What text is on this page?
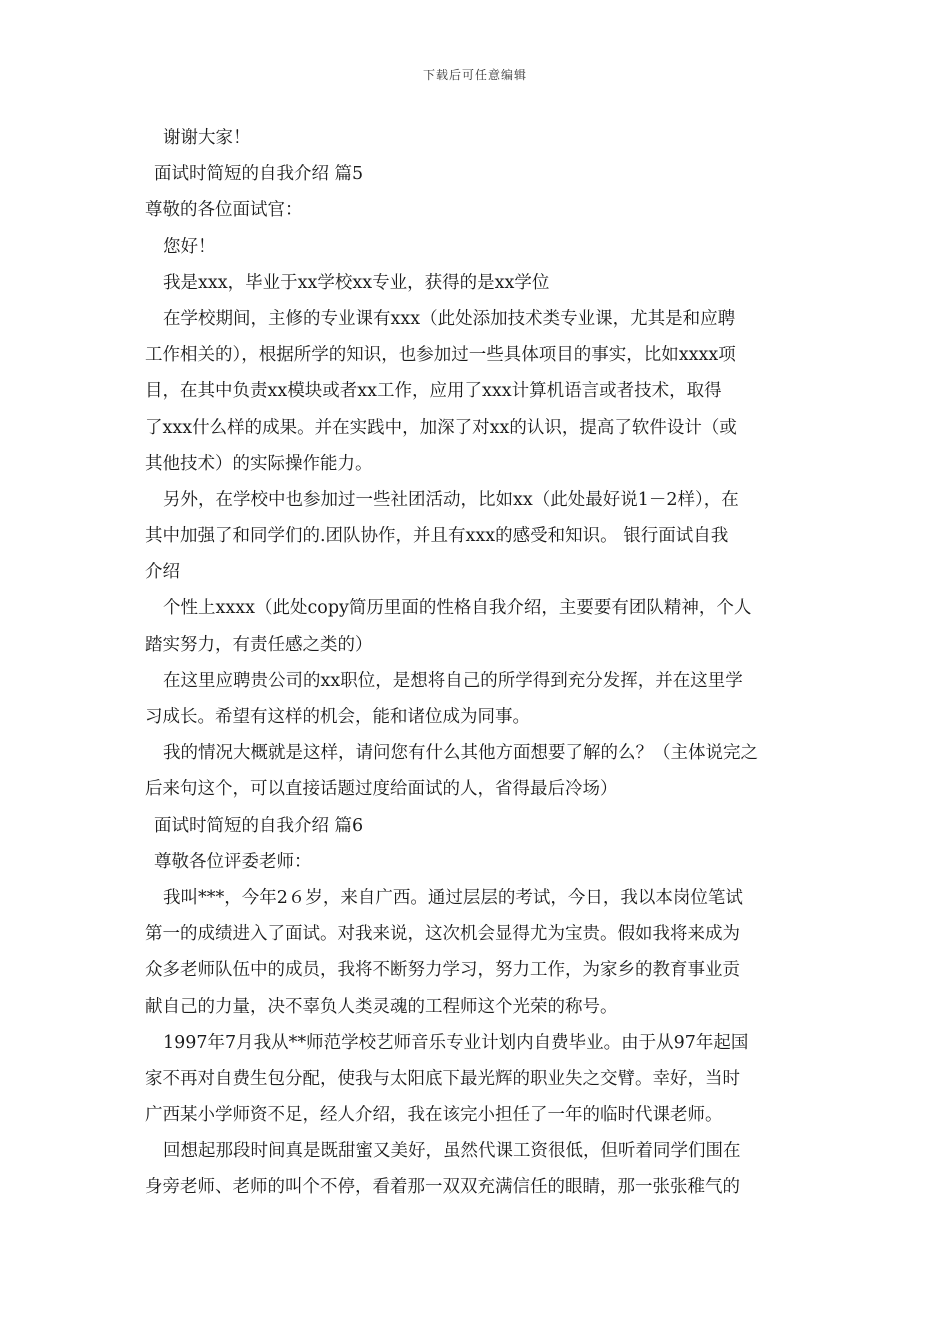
下载后可任意编辑
谢谢大家！
面试时简短的自我介绍 篇5
尊敬的各位面试官：
您好！
我是xxx，毕业于xx学校xx专业，获得的是xx学位
在学校期间，主修的专业课有xxx（此处添加技术类专业课，尤其是和应聘
工作相关的），根据所学的知识，也参加过一些具体项目的事实，比如xxxx项
目，在其中负责xx模块或者xx工作，应用了xxx计算机语言或者技术，取得
了xxx什么样的成果。并在实践中，加深了对xx的认识，提高了软件设计（或
其他技术）的实际操作能力。
另外，在学校中也参加过一些社团活动，比如xx（此处最好说1－2样），在
其中加强了和同学们的.团队协作，并且有xxx的感受和知识。 银行面试自我
介绍
个性上xxxx（此处copy简历里面的性格自我介绍，主要要有团队精神，个人
踏实努力，有责任感之类的）
在这里应聘贵公司的xx职位，是想将自己的所学得到充分发挥，并在这里学
习成长。希望有这样的机会，能和诸位成为同事。
我的情况大概就是这样，请问您有什么其他方面想要了解的么？（主体说完之
后来句这个，可以直接话题过度给面试的人，省得最后冷场）
面试时简短的自我介绍 篇6
尊敬各位评委老师：
我叫***，今年2６岁，来自广西。通过层层的考试，今日，我以本岗位笔试
第一的成绩进入了面试。对我来说，这次机会显得尤为宝贵。假如我将来成为
众多老师队伍中的成员，我将不断努力学习，努力工作，为家乡的教育事业贡
献自己的力量，决不辜负人类灵魂的工程师这个光荣的称号。
1997年7月我从**师范学校艺师音乐专业计划内自费毕业。由于从97年起国
家不再对自费生包分配，使我与太阳底下最光辉的职业失之交臂。幸好，当时
广西某小学师资不足，经人介绍，我在该完小担任了一年的临时代课老师。
回想起那段时间真是既甜蜜又美好，虽然代课工资很低，但听着同学们围在
身旁老师、老师的叫个不停，看着那一双双充满信任的眼睛，那一张张稚气的
